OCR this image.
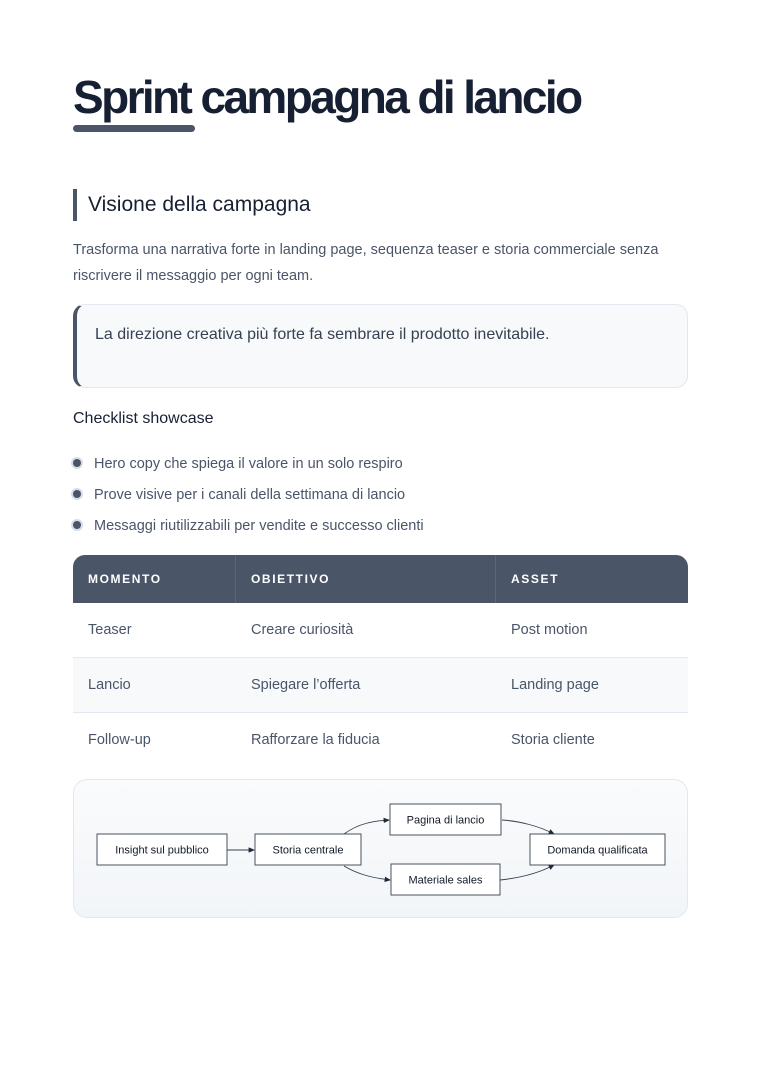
Sprint campagna di lancio
Visione della campagna

Trasforma una narrativa forte in landing page, sequenza teaser e storia commerciale senza riscrivere il messaggio per ogni team.

La direzione creativa più forte fa sembrare il prodotto inevitabile.
Checklist showcase
Hero copy che spiega il valore in un solo respiro
Prove visive per i canali della settimana di lancio
Messaggi riutilizzabili per vendite e successo clienti
MOMENTO	OBIETTIVO	ASSET
Teaser	Creare curiosità	Post motion
Lancio	Spiegare l’offerta	Landing page
Follow-up	Rafforzare la fiducia	Storia cliente
Insight sul pubblico	Storia centrale
Pagina di lancio
Materiale sales
Domanda qualificata
